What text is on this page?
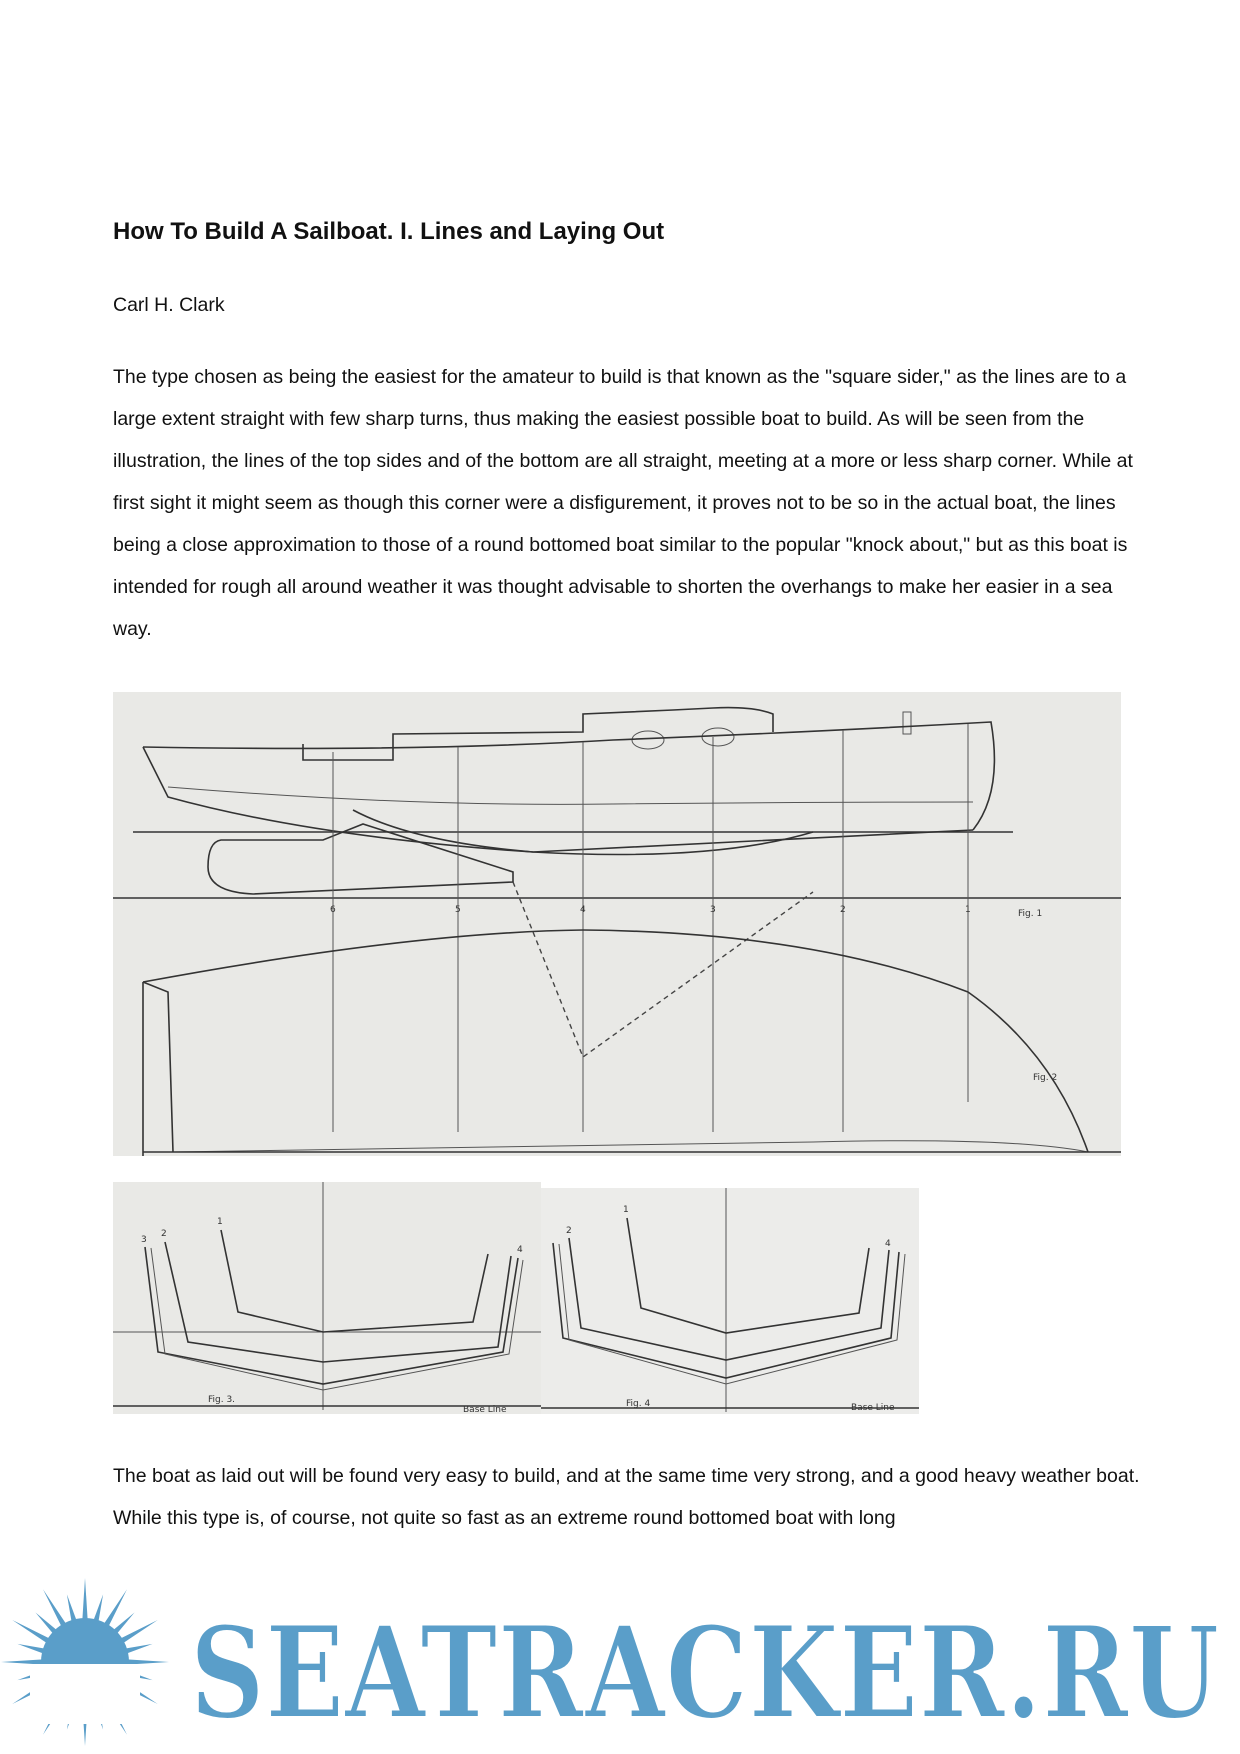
How To Build A Sailboat. I. Lines and Laying Out

Carl H. Clark

The type chosen as being the easiest for the amateur to build is that known as the "square sider," as the lines are to a large extent straight with few sharp turns, thus making the easiest possible boat to build. As will be seen from the illustration, the lines of the top sides and of the bottom are all straight, meeting at a more or less sharp corner. While at first sight it might seem as though this corner were a disfigurement, it proves not to be so in the actual boat, the lines being a close approximation to those of a round bottomed boat similar to the popular "knock about," but as this boat is intended for rough all around weather it was thought advisable to shorten the overhangs to make her easier in a sea way.

6	5	4	3	2	1	Fig. 1
Fig. 2
1
2
3
4
Fig. 3.
Base Line
1
2
4
Fig. 4	Base Line

The boat as laid out will be found very easy to build, and at the same time very strong, and a good heavy weather boat. While this type is, of course, not quite so fast as an extreme round bottomed boat with long

SEATRACKER.RU
